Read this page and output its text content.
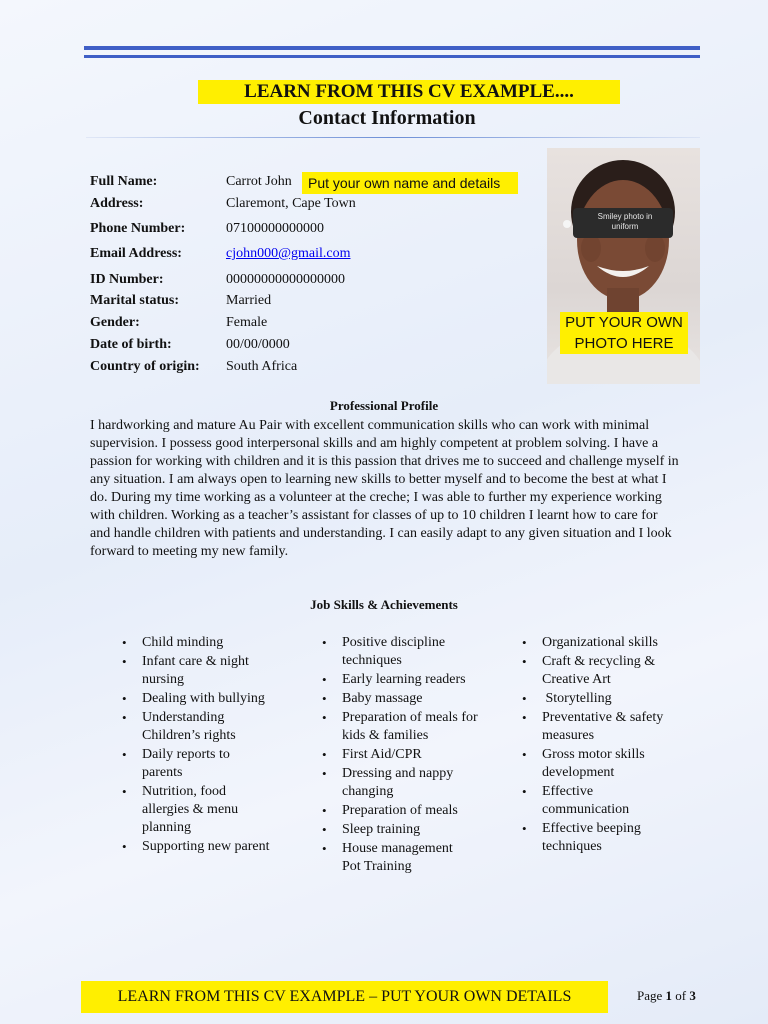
LEARN FROM THIS CV EXAMPLE....
Contact Information
Full Name:	Carrot John	Put your own name and details
Address:	Claremont, Cape Town
Phone Number:	07100000000000
Email Address:	cjohn000@gmail.com
ID Number:	00000000000000000
Marital status:	Married
Gender:	Female
Date of birth:	00/00/0000
Country of origin: South Africa
Smiley photo in uniform
PUT YOUR OWN
PHOTO HERE
Professional Profile

I hardworking and mature Au Pair with excellent communication skills who can work with minimal supervision. I possess good interpersonal skills and am highly competent at problem solving. I have a passion for working with children and it is this passion that drives me to succeed and challenge myself in any situation. I am always open to learning new skills to better myself and to become the best at what I do. During my time working as a volunteer at the creche; I was able to further my experience working with children. Working as a teacher’s assistant for classes of up to 10 children I learnt how to care for and handle children with patients and understanding. I can easily adapt to any given situation and I look forward to meeting my new family.

Job Skills & Achievements
• Child minding
• Infant care & night nursing
• Dealing with bullying
• Understanding Children’s rights
• Daily reports to parents
• Nutrition, food allergies & menu planning
• Supporting new parent
• Positive discipline techniques
• Early learning readers
• Baby massage
• Preparation of meals for kids & families
• First Aid/CPR
• Dressing and nappy changing
• Preparation of meals
• Sleep training
• House management
Pot Training
• Organizational skills
• Craft & recycling & Creative Art
•  Storytelling
• Preventative & safety measures
• Gross motor skills development
• Effective communication
• Effective beeping techniques
LEARN FROM THIS CV EXAMPLE – PUT YOUR OWN DETAILS	Page 1 of 3
